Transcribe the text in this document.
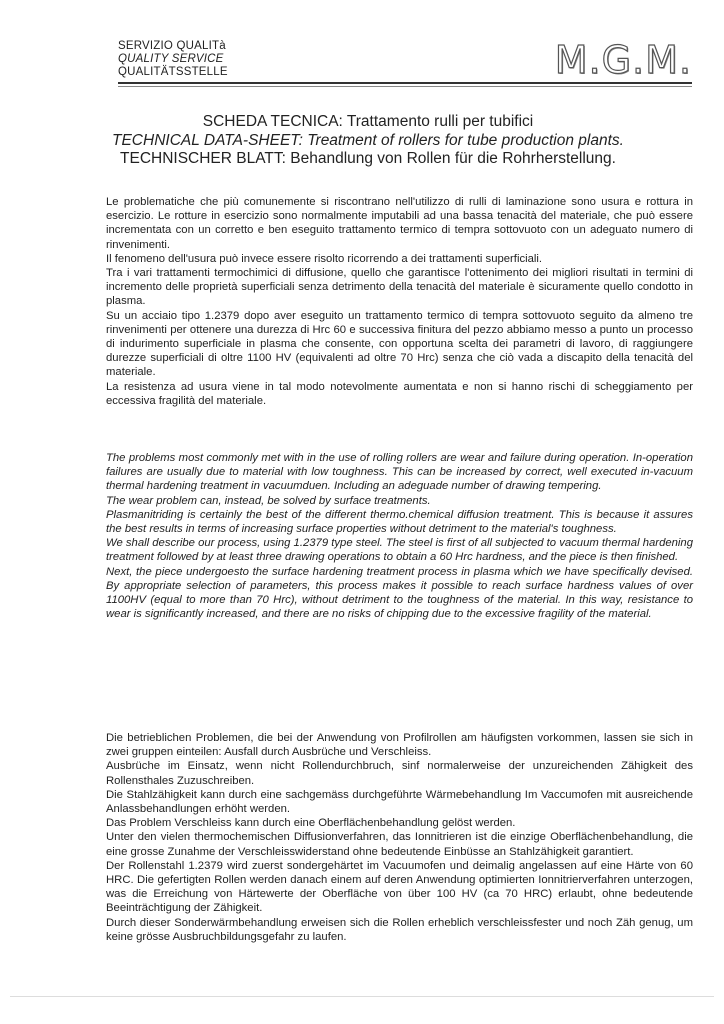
SERVIZIO QUALITà
QUALITY SERVICE
QUALITÄTSSTELLE	M.G.M.
SCHEDA TECNICA: Trattamento rulli per tubifici
TECHNICAL DATA-SHEET: Treatment of rollers for tube production plants.
TECHNISCHER BLATT: Behandlung von Rollen für die Rohrherstellung.

Le problematiche che più comunemente si riscontrano nell'utilizzo di rulli di laminazione sono usura e rottura in esercizio. Le rotture in esercizio sono normalmente imputabili ad una bassa tenacità del materiale, che può essere incrementata con un corretto e ben eseguito trattamento termico di tempra sottovuoto con un adeguato numero di rinvenimenti.

Il fenomeno dell'usura può invece essere risolto ricorrendo a dei trattamenti superficiali.

Tra i vari trattamenti termochimici di diffusione, quello che garantisce l'ottenimento dei migliori risultati in termini di incremento delle proprietà superficiali senza detrimento della tenacità del materiale è sicuramente quello condotto in plasma.

Su un acciaio tipo 1.2379 dopo aver eseguito un trattamento termico di tempra sottovuoto seguito da almeno tre rinvenimenti per ottenere una durezza di Hrc 60 e successiva finitura del pezzo abbiamo messo a punto un processo di indurimento superficiale in plasma che consente, con opportuna scelta dei parametri di lavoro, di raggiungere durezze superficiali di oltre 1100 HV (equivalenti ad oltre 70 Hrc) senza che ciò vada a discapito della tenacità del materiale.

La resistenza ad usura viene in tal modo notevolmente aumentata e non si hanno rischi di scheggiamento per eccessiva fragilità del materiale.

The problems most commonly met with in the use of rolling rollers are wear and failure during operation. In-operation failures are usually due to material with low toughness. This can be increased by correct, well executed in-vacuum thermal hardening treatment in vacuumduen. Including an adeguade number of drawing tempering.

The wear problem can, instead, be solved by surface treatments.

Plasmanitriding is certainly the best of the different thermo.chemical diffusion treatment. This is because it assures the best results in terms of increasing surface properties without detriment to the material's toughness.

We shall describe our process, using 1.2379 type steel. The steel is first of all subjected to vacuum thermal hardening treatment followed by at least three drawing operations to obtain a 60 Hrc hardness, and the piece is then finished.

Next, the piece undergoesto the surface hardening treatment process in plasma which we have specifically devised. By appropriate selection of parameters, this process makes it possible to reach surface hardness values of over 1100HV (equal to more than 70 Hrc), without detriment to the toughness of the material. In this way, resistance to wear is significantly increased, and there are no risks of chipping due to the excessive fragility of the material.

Die betrieblichen Problemen, die bei der Anwendung von Profilrollen am häufigsten vorkommen, lassen sie sich in zwei gruppen einteilen: Ausfall durch Ausbrüche und Verschleiss.

Ausbrüche im Einsatz, wenn nicht Rollendurchbruch, sinf normalerweise der unzureichenden Zähigkeit des Rollensthales Zuzuschreiben.

Die Stahlzähigkeit kann durch eine sachgemäss durchgeführte Wärmebehandlung Im Vaccumofen mit ausreichende Anlassbehandlungen erhöht werden.

Das Problem Verschleiss kann durch eine Oberflächenbehandlung gelöst werden.

Unter den vielen thermochemischen Diffusionverfahren, das Ionnitrieren ist die einzige Oberflächenbehandlung, die eine grosse Zunahme der Verschleisswiderstand ohne bedeutende Einbüsse an Stahlzähigkeit garantiert.

Der Rollenstahl 1.2379 wird zuerst sondergehärtet im Vacuumofen und deimalig angelassen auf eine Härte von 60 HRC. Die gefertigten Rollen werden danach einem auf deren Anwendung optimierten Ionnitrierverfahren unterzogen, was die Erreichung von Härtewerte der Oberfläche von über 100 HV (ca 70 HRC) erlaubt, ohne bedeutende Beeinträchtigung der Zähigkeit.

Durch dieser Sonderwärmbehandlung erweisen sich die Rollen erheblich verschleissfester und noch Zäh genug, um keine grösse Ausbruchbildungsgefahr zu laufen.
